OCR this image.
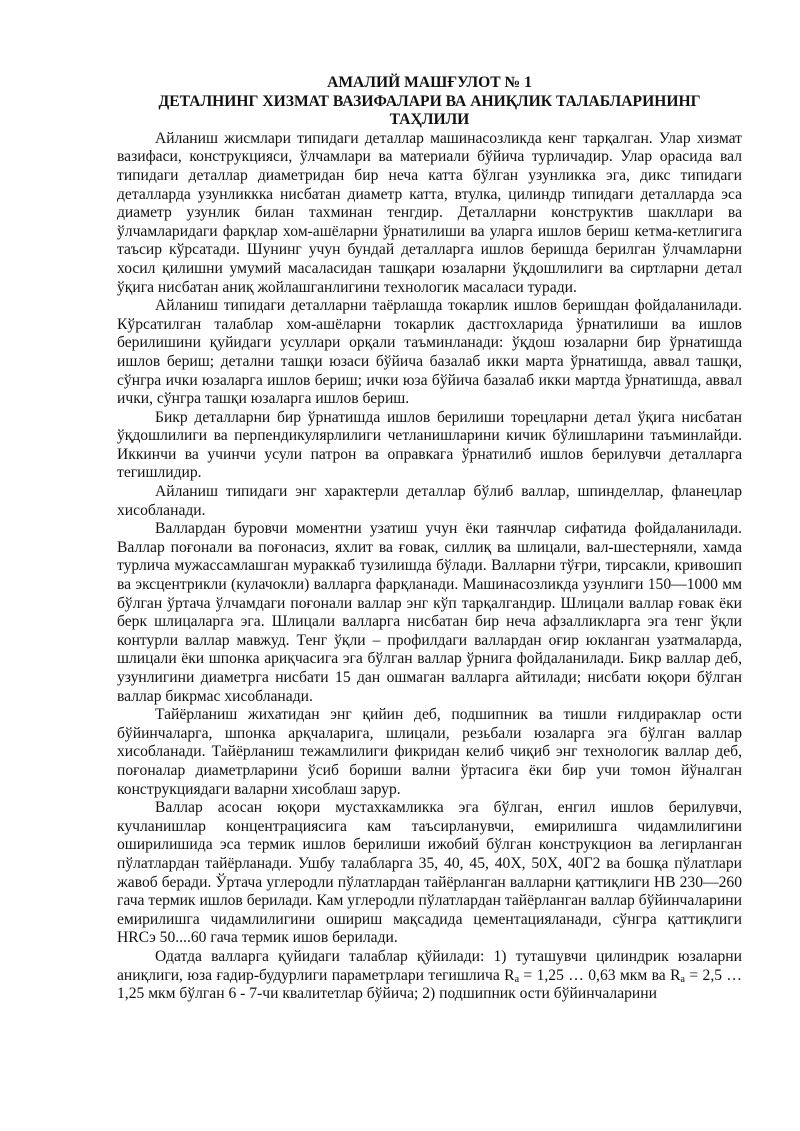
АМАЛИЙ МАШҒУЛОТ № 1
ДЕТАЛНИНГ ХИЗМАТ ВАЗИФАЛАРИ ВА АНИҚЛИК ТАЛАБЛАРИНИНГ
ТАҲЛИЛИ

Айланиш жисмлари типидаги деталлар машинасозликда кенг тарқалган. Улар хизмат вазифаси, конструкцияси, ўлчамлари ва материали бўйича турличадир. Улар орасида вал типидаги деталлар диаметридан бир неча катта бўлган узунликка эга, дикс типидаги деталларда узунликкка нисбатан диаметр катта, втулка, цилиндр типидаги деталларда эса диаметр узунлик билан тахминан тенгдир. Деталларни конструктив шакллари ва ўлчамларидаги фарқлар хом-ашёларни ўрнатилиши ва уларга ишлов бериш кетма-кетлигига таъсир кўрсатади. Шунинг учун бундай деталларга ишлов беришда берилган ўлчамларни хосил қилишни умумий масаласидан ташқари юзаларни ўқдошлилиги ва сиртларни детал ўқига нисбатан аниқ жойлашганлигини технологик масаласи туради.

Айланиш типидаги деталларни таёрлашда токарлик ишлов беришдан фойдаланилади. Кўрсатилган талаблар хом-ашёларни токарлик дастгохларида ўрнатилиши ва ишлов берилишини қуйидаги усуллари орқали таъминланади: ўқдош юзаларни бир ўрнатишда ишлов бериш; детални ташқи юзаси бўйича базалаб икки марта ўрнатишда, аввал ташқи, сўнгра ички юзаларга ишлов бериш; ички юза бўйича базалаб икки мартда ўрнатишда, аввал ички, сўнгра ташқи юзаларга ишлов бериш.

Бикр деталларни бир ўрнатишда ишлов берилиши торецларни детал ўқига нисбатан ўқдошлилиги ва перпендикулярлилиги четланишларини кичик бўлишларини таъминлайди. Иккинчи ва учинчи усули патрон ва оправкага ўрнатилиб ишлов берилувчи деталларга тегишлидир.

Айланиш типидаги энг характерли деталлар бўлиб валлар, шпинделлар, фланецлар хисобланади.

Валлардан буровчи моментни узатиш учун ёки таянчлар сифатида фойдаланилади. Валлар поғонали ва поғонасиз, яхлит ва ғовак, силлиқ ва шлицали, вал-шестерняли, хамда турлича мужассамлашган мураккаб тузилишда бўлади. Валларни тўғри, тирсакли, кривошип ва эксцентрикли (кулачокли) валларга фарқланади. Машинасозликда узунлиги 150—1000 мм бўлган ўртача ўлчамдаги поғонали валлар энг кўп тарқалгандир. Шлицали валлар ғовак ёки берк шлицаларга эга. Шлицали валларга нисбатан бир неча афзалликларга эга тенг ўқли контурли валлар мавжуд. Тенг ўқли – профилдаги валлардан оғир юкланган узатмаларда, шлицали ёки шпонка ариқчасига эга бўлган валлар ўрнига фойдаланилади. Бикр валлар деб, узунлигини диаметрга нисбати 15 дан ошмаган валларга айтилади; нисбати юқори бўлган валлар бикрмас хисобланади.

Тайёрланиш жихатидан энг қийин деб, подшипник ва тишли ғилдираклар ости бўйинчаларга, шпонка арқчаларига, шлицали, резьбали юзаларга эга бўлган валлар хисобланади. Тайёрланиш тежамлилиги фикридан келиб чиқиб энг технологик валлар деб, поғоналар диаметрларини ўсиб бориши вални ўртасига ёки бир учи томон йўналган конструкциядаги валарни хисоблаш зарур.

Валлар асосан юқори мустахкамликка эга бўлган, енгил ишлов берилувчи, кучланишлар концентрациясига кам таъсирланувчи, емирилишга чидамлилигини оширилишида эса термик ишлов берилиши ижобий бўлган конструкцион ва легирланган пўлатлардан тайёрланади. Ушбу талабларга 35, 40, 45, 40Х, 50Х, 40Г2 ва бошқа пўлатлари жавоб беради. Ўртача углеродли пўлатлардан тайёрланган валларни қаттиқлиги НВ 230—260 гача термик ишлов берилади. Кам углеродли пўлатлардан тайёрланган валлар бўйинчаларини емирилишга чидамлилигини ошириш мақсадида цементацияланади, сўнгра қаттиқлиги HRCэ 50....60 гача термик ишов берилади.

Одатда валларга қуйидаги талаблар қўйилади: 1) туташувчи цилиндрик юзаларни аниқлиги, юза ғадир-будурлиги параметрлари тегишлича $R_a = 1,25$ … 0,63 мкм ва $R_a = 2,5$ … 1,25 мкм бўлган 6 - 7-чи квалитетлар бўйича; 2) подшипник ости бўйинчаларини
